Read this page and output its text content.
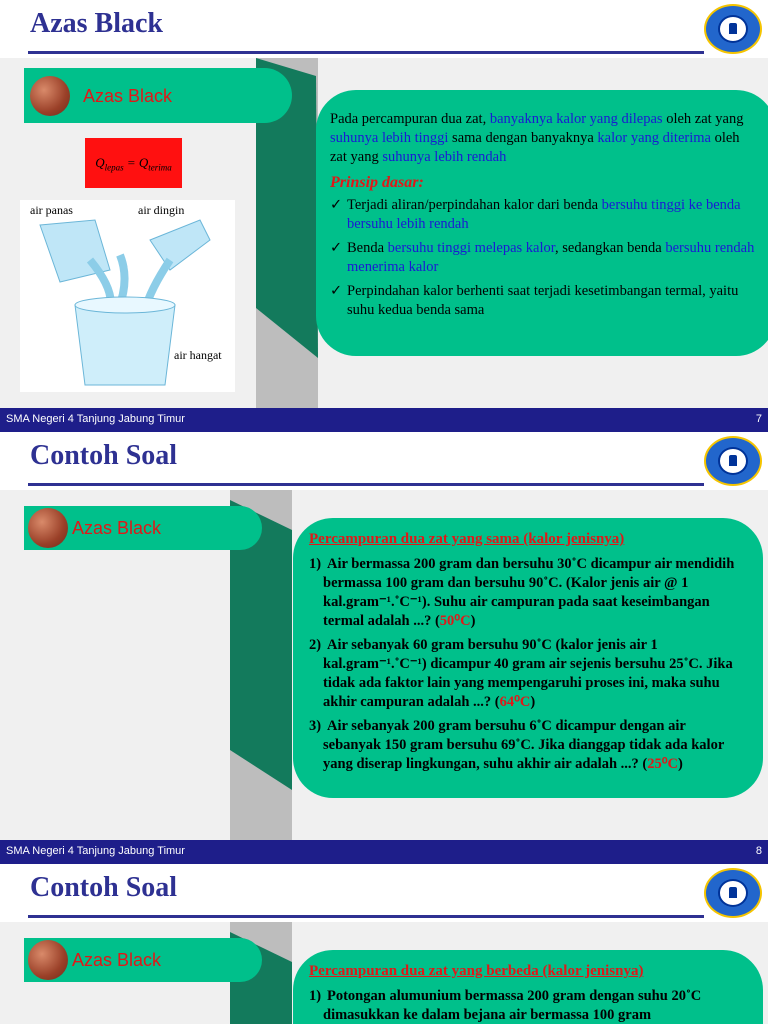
Azas Black
Azas Black
$Q_{lepas} = Q_{terima}$
air panas	air dingin
air hangat

Pada percampuran dua zat, banyaknya kalor yang dilepas oleh zat yang suhunya lebih tinggi sama dengan banyaknya kalor yang diterima oleh zat yang suhunya lebih rendah

Prinsip dasar:
✓ Terjadi aliran/perpindahan kalor dari benda bersuhu tinggi ke benda bersuhu lebih rendah
✓ Benda bersuhu tinggi melepas kalor, sedangkan benda bersuhu rendah menerima kalor
✓ Perpindahan kalor berhenti saat terjadi kesetimbangan termal, yaitu suhu kedua benda sama
SMA Negeri 4 Tanjung Jabung Timur	7
Contoh Soal
Azas Black
Percampuran dua zat yang sama (kalor jenisnya)
1) Air bermassa 200 gram dan bersuhu 30˚C dicampur air mendidih bermassa 100 gram dan bersuhu 90˚C. (Kalor jenis air @ 1 kal.gram⁻¹.˚C⁻¹). Suhu air campuran pada saat keseimbangan termal adalah ...? (50⁰C)
2) Air sebanyak 60 gram bersuhu 90˚C (kalor jenis air 1 kal.gram⁻¹.˚C⁻¹) dicampur 40 gram air sejenis bersuhu 25˚C. Jika tidak ada faktor lain yang mempengaruhi proses ini, maka suhu akhir campuran adalah ...? (64⁰C)
3) Air sebanyak 200 gram bersuhu 6˚C dicampur dengan air sebanyak 150 gram bersuhu 69˚C. Jika dianggap tidak ada kalor yang diserap lingkungan, suhu akhir air adalah ...? (25⁰C)
SMA Negeri 4 Tanjung Jabung Timur	8
Contoh Soal
Azas Black
Percampuran dua zat yang berbeda (kalor jenisnya)
1) Potongan alumunium bermassa 200 gram dengan suhu 20˚C dimasukkan ke dalam bejana air bermassa 100 gram
